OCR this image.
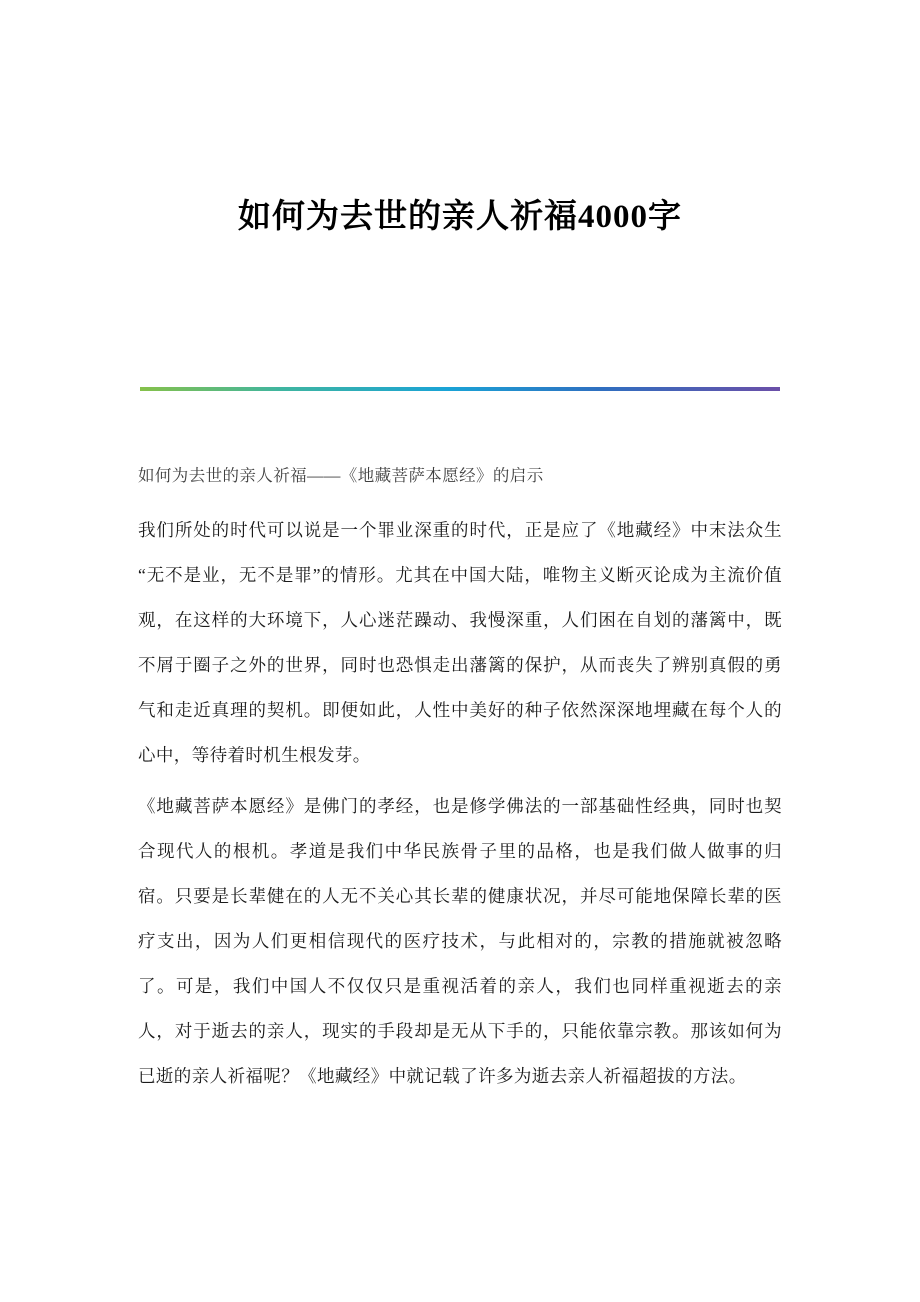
如何为去世的亲人祈福4000字

如何为去世的亲人祈福——《地藏菩萨本愿经》的启示

我们所处的时代可以说是一个罪业深重的时代，正是应了《地藏经》中末法众生“无不是业，无不是罪”的情形。尤其在中国大陆，唯物主义断灭论成为主流价值观，在这样的大环境下，人心迷茫躁动、我慢深重，人们困在自划的藩篱中，既不屑于圈子之外的世界，同时也恐惧走出藩篱的保护，从而丧失了辨别真假的勇气和走近真理的契机。即便如此，人性中美好的种子依然深深地埋藏在每个人的心中，等待着时机生根发芽。

《地藏菩萨本愿经》是佛门的孝经，也是修学佛法的一部基础性经典，同时也契合现代人的根机。孝道是我们中华民族骨子里的品格，也是我们做人做事的归宿。只要是长辈健在的人无不关心其长辈的健康状况，并尽可能地保障长辈的医疗支出，因为人们更相信现代的医疗技术，与此相对的，宗教的措施就被忽略了。可是，我们中国人不仅仅只是重视活着的亲人，我们也同样重视逝去的亲人，对于逝去的亲人，现实的手段却是无从下手的，只能依靠宗教。那该如何为已逝的亲人祈福呢？《地藏经》中就记载了许多为逝去亲人祈福超拔的方法。
